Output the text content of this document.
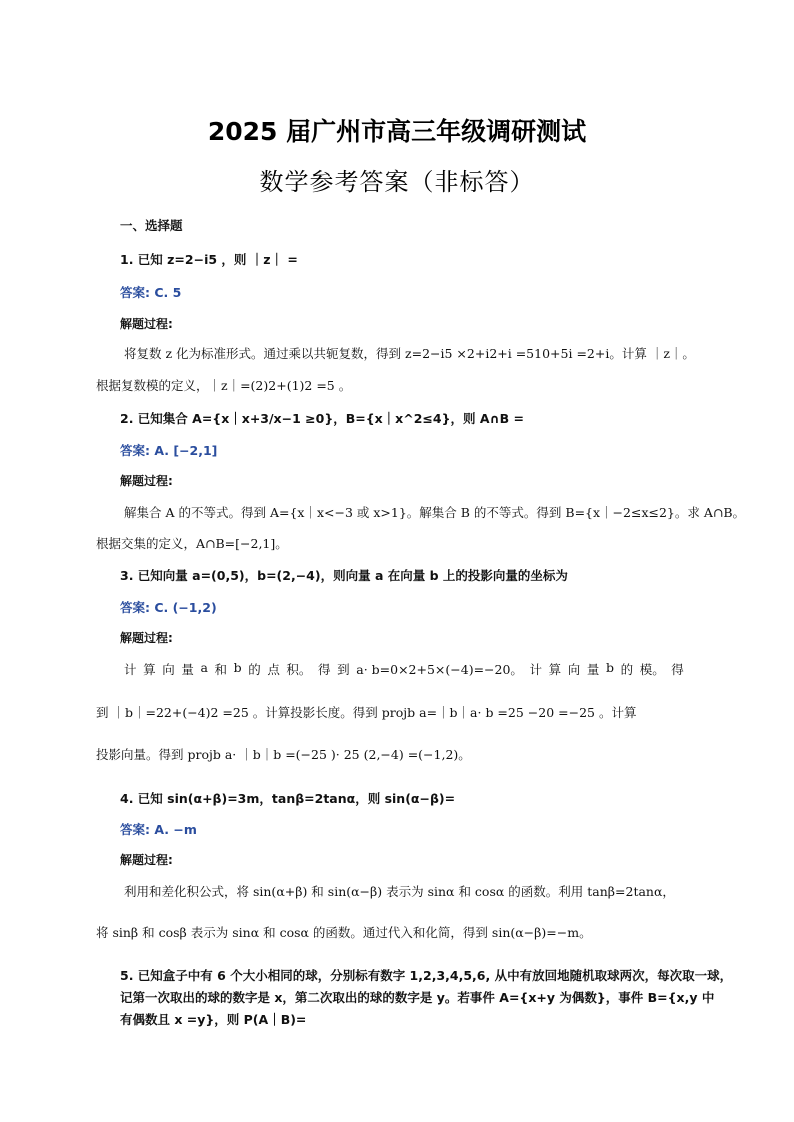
2025 届广州市高三年级调研测试
数学参考答案（非标答）
一、选择题
1. 已知 z=2−i5 ，则 ｜z｜ =
答案: C. 5
解题过程:
将复数 z 化为标准形式。通过乘以共轭复数，得到 z=2−i5 ×2+i2+i =510+5i =2+i。计算 ｜z｜。
根据复数模的定义，｜z｜=(2)2+(1)2 =5 。
2. 已知集合 A={x｜x+3/x−1 ≥0}，B={x｜x^2≤4}，则 A∩B =
答案: A. [−2,1]
解题过程:
解集合 A 的不等式。得到 A={x｜x<−3 或 x>1}。解集合 B 的不等式。得到 B={x｜−2≤x≤2}。求 A∩B。
根据交集的定义，A∩B=[−2,1]。
3. 已知向量 a=(0,5)，b=(2,−4)，则向量 a 在向量 b 上的投影向量的坐标为
答案: C. (−1,2)
解题过程:
计 算 向 量 a 和 b 的 点 积。 得 到 a· b=0×2+5×(−4)=−20。 计 算 向 量 b 的 模。 得
到 ｜b｜=22+(−4)2 =25 。计算投影长度。得到 projb a=｜b｜a· b =25 −20 =−25 。计算
投影向量。得到 projb a· ｜b｜b =(−25 )· 25 (2,−4) =(−1,2)。
4. 已知 sin(α+β)=3m，tanβ=2tanα，则 sin(α−β)=
答案: A. −m
解题过程:
利用和差化积公式，将 sin(α+β) 和 sin(α−β) 表示为 sinα 和 cosα 的函数。利用 tanβ=2tanα，
将 sinβ 和 cosβ 表示为 sinα 和 cosα 的函数。通过代入和化简，得到 sin(α−β)=−m。
5. 已知盒子中有 6 个大小相同的球，分别标有数字 1,2,3,4,5,6, 从中有放回地随机取球两次，每次取一球，
记第一次取出的球的数字是 x，第二次取出的球的数字是 y。若事件 A={x+y 为偶数}，事件 B={x,y 中
有偶数且 x =y}，则 P(A｜B)=
